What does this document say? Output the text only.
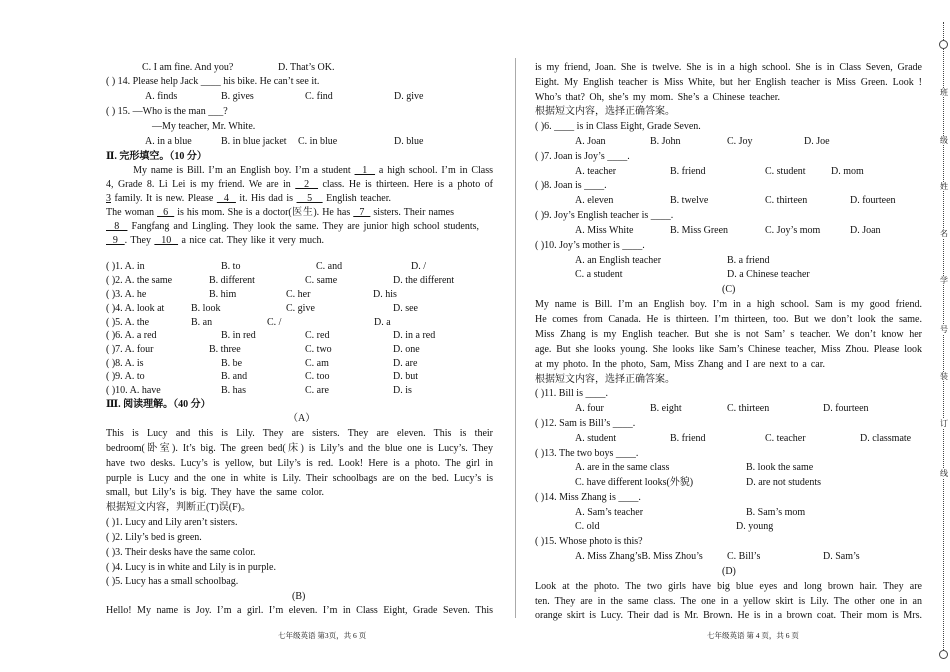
C. I am fine. And you?	D. That’s OK.
( ) 14. Please help Jack ____ his bike. He can’t see it.
A. finds	B. gives	C. find	D. give
( ) 15. —Who is the man ___?
—My teacher, Mr. White.
A. in a blue	B. in blue jacket C. in blue	D. blue
Ⅱ. 完形填空。（10 分）
( )1. A. in	B. to	C. and	D. /
( )2. A. the same	B. different	C. same	D. the different
( )3. A. he	B. him	C. her	D. his
( )4. A. look at	B. look	C. give	D. see
( )5. A. the	B. an	C. /	D. a
( )6. A. a red	B. in red	C. red	D. in a red
( )7. A. four	B. three	C. two	D. one
( )8. A. is	B. be	C. am	D. are
( )9. A. to	B. and	C. too	D. but
( )10. A. have	B. has	C. are	D. is
Ⅲ. 阅读理解。（40 分）
（A）
根据短文内容，判断正(T)误(F)。
( )1. Lucy and Lily aren’t sisters.
( )2. Lily’s bed is green.
( )3. Their desks have the same color.
( )4. Lucy is in white and Lily is in purple.
( )5. Lucy has a small schoolbag.
(B)
My name is Bill. I’m an English boy. I’m a student   1   a high school. I’m in Class
4, Grade 8. Li Lei is my friend. We are in   2   class. He is thirteen. Here is a photo of
3 family. It is new. Please   4   it. His dad is    5    English teacher.
The woman   6   is his mom. She is a doctor(医生). He has   7   sisters. Their names
8   Fangfang and Lingling. They look the same. They are junior high school students,
9  . They   10   a nice cat. They like it very much.
This is Lucy and this is Lily. They are sisters. They are eleven. This is their
bedroom(卧室). It’s big. The green bed(床) is Lily’s and the blue one is Lucy’s. They
have two desks. Lucy’s is yellow, but Lily’s is red. Look! Here is a photo. The girl in
purple is Lucy and the one in white is Lily. Their schoolbags are on the bed. Lucy’s is
small, but Lily’s is big. They have the same color.
Hello! My name is Joy. I’m a girl. I’m eleven. I’m in Class Eight, Grade Seven. This
根据短文内容，选择正确答案。
( )6. ____ is in Class Eight, Grade Seven.
A. Joan	B. John	C. Joy	D. Joe
( )7. Joan is Joy’s ____.
A. teacher	B. friend	C. student	D. mom
( )8. Joan is ____.
A. eleven	B. twelve	C. thirteen	D. fourteen
( )9. Joy’s English teacher is ____.
A. Miss White	B. Miss Green	C. Joy’s mom	D. Joan
( )10. Joy’s mother is ____.
A. an English teacher	B. a friend
C. a student	D. a Chinese teacher
(C)
根据短文内容，选择正确答案。
( )11. Bill is ____.
A. four	B. eight	C. thirteen	D. fourteen
( )12. Sam is Bill’s ____.
A. student	B. friend	C. teacher	D. classmate
( )13. The two boys ____.
A. are in the same class	B. look the same
C. have different looks(外貌)	D. are not students
( )14. Miss Zhang is ____.
A. Sam’s teacher	B. Sam’s mom
C. old	D. young
( )15. Whose photo is this?
A. Miss Zhang’sB. Miss Zhou’s C. Bill’s	D. Sam’s
(D)
is my friend, Joan. She is twelve. She is in a high school. She is in Class Seven, Grade
Eight. My English teacher is Miss White, but her English teacher is Miss Green. Look !
Who’s that? Oh, she’s my mom. She’s a Chinese teacher.
My name is Bill. I’m an English boy. I’m in a high school. Sam is my good friend.
He comes from Canada. He is thirteen. I’m thirteen, too. But we don’t look the same.
Miss Zhang is my English teacher. But she is not Sam’ s teacher. We don’t know her
age. But she looks young. She looks like Sam’s Chinese teacher, Miss Zhou. Please look
at my photo. In the photo, Sam, Miss Zhang and I are next to a car.
Look at the photo. The two girls have big blue eyes and long brown hair. They are
ten. They are in the same class. The one in a yellow skirt is Lily. The other one in an
orange skirt is Lucy. Their dad is Mr. Brown. He is in a brown coat. Their mom is Mrs.
七年级英语 第3页，共 6 页	七年级英语 第 4 页，共 6 页
班
级
姓
名
学
号
装
订
线
